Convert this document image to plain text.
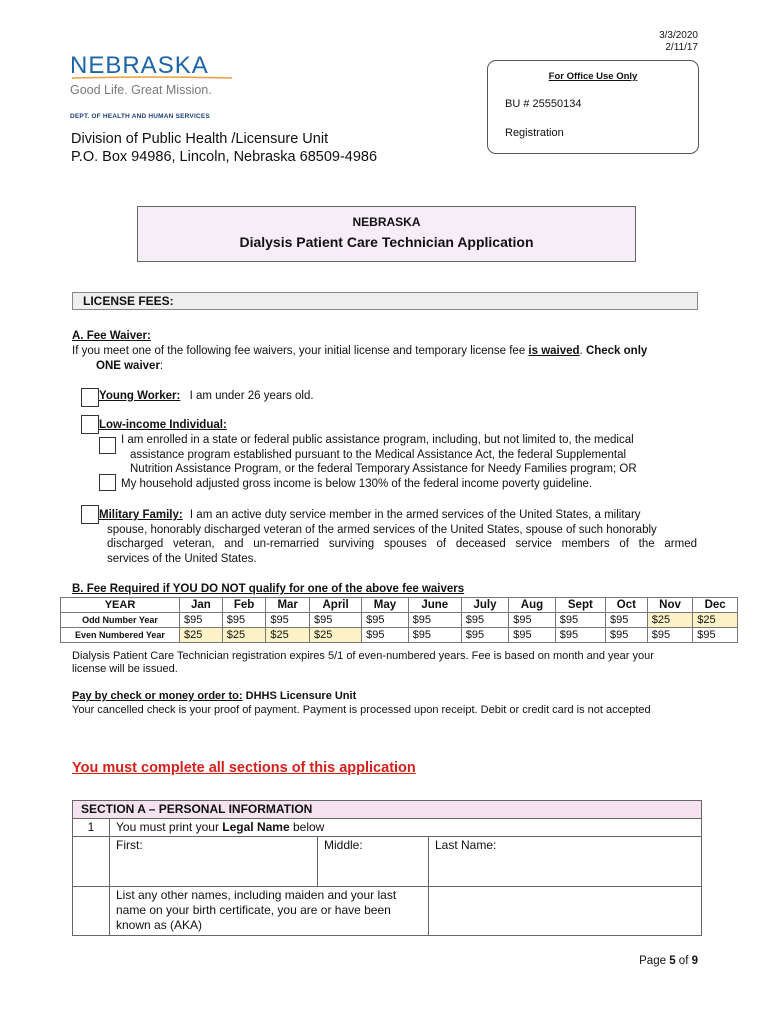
3/3/2020
2/11/17
NEBRASKA
Good Life. Great Mission.
DEPT. OF HEALTH AND HUMAN SERVICES
Division of Public Health /Licensure Unit
P.O. Box 94986, Lincoln, Nebraska 68509-4986
For Office Use Only
BU # 25550134
Registration
NEBRASKA
Dialysis Patient Care Technician Application
LICENSE FEES:
A. Fee Waiver:
If you meet one of the following fee waivers, your initial license and temporary license fee is waived. Check only
ONE waiver:
Young Worker: I am under 26 years old.
Low-income Individual:
I am enrolled in a state or federal public assistance program, including, but not limited to, the medical
assistance program established pursuant to the Medical Assistance Act, the federal Supplemental
Nutrition Assistance Program, or the federal Temporary Assistance for Needy Families program; OR
My household adjusted gross income is below 130% of the federal income poverty guideline.
Military Family: I am an active duty service member in the armed services of the United States, a military
spouse, honorably discharged veteran of the armed services of the United States, spouse of such honorably
discharged veteran, and un-remarried surviving spouses of deceased service members of the armed
services of the United States.
B. Fee Required if YOU DO NOT qualify for one of the above fee waivers
YEAR	Jan	Feb	Mar	April	May	June	July	Aug	Sept	Oct	Nov	Dec
Odd Number Year	$95	$95	$95	$95	$95	$95	$95	$95	$95	$95	$25	$25
Even Numbered Year	$25	$25	$25	$25	$95	$95	$95	$95	$95	$95	$95	$95
Dialysis Patient Care Technician registration expires 5/1 of even-numbered years. Fee is based on month and year your
license will be issued.
Pay by check or money order to: DHHS Licensure Unit
Your cancelled check is your proof of payment. Payment is processed upon receipt. Debit or credit card is not accepted
You must complete all sections of this application
SECTION A – PERSONAL INFORMATION
1	You must print your Legal Name below
First:	Middle:	Last Name:
List any other names, including maiden and your last name on your birth certificate, you are or have been known as (AKA)
Page 5 of 9
